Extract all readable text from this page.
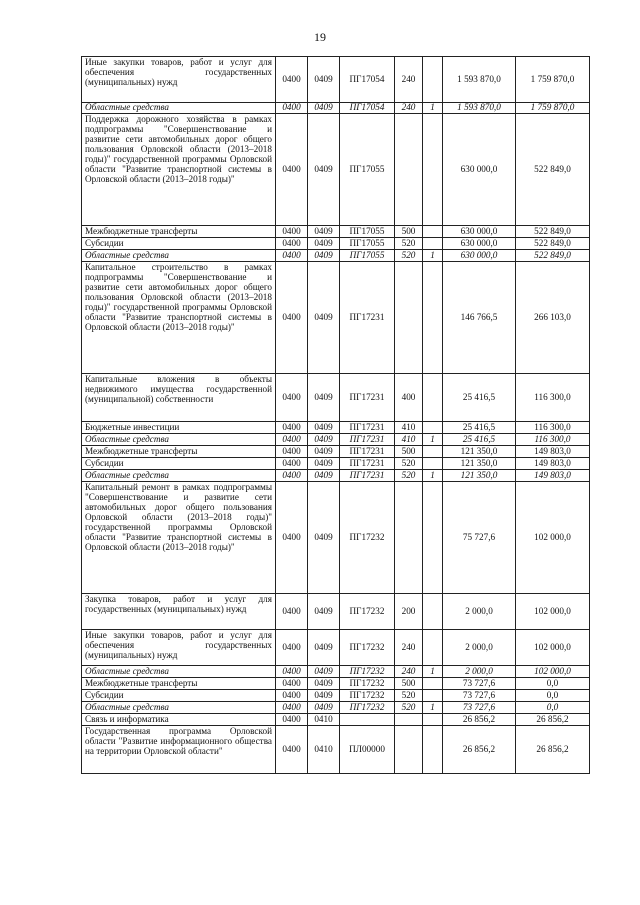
19
Иные закупки товаров, работ и услуг для обеспечения государственных (муниципальных) нужд	0400	0409	ПГ17054	240		1 593 870,0	1 759 870,0
Областные средства	0400	0409	ПГ17054	240	1	1 593 870,0	1 759 870,0
Поддержка дорожного хозяйства в рамках подпрограммы "Совершенствование и развитие сети автомобильных дорог общего пользования Орловской области (2013–2018 годы)" государственной программы Орловской области "Развитие транспортной системы в Орловской области (2013–2018 годы)"	0400	0409	ПГ17055			630 000,0	522 849,0
Межбюджетные трансферты	0400	0409	ПГ17055	500		630 000,0	522 849,0
Субсидии	0400	0409	ПГ17055	520		630 000,0	522 849,0
Областные средства	0400	0409	ПГ17055	520	1	630 000,0	522 849,0
Капитальное строительство в рамках подпрограммы "Совершенствование и развитие сети автомобильных дорог общего пользования Орловской области (2013–2018 годы)" государственной программы Орловской области "Развитие транспортной системы в Орловской области (2013–2018 годы)"	0400	0409	ПГ17231			146 766,5	266 103,0
Капитальные вложения в объекты недвижимого имущества государственной (муниципальной) собственности	0400	0409	ПГ17231	400		25 416,5	116 300,0
Бюджетные инвестиции	0400	0409	ПГ17231	410		25 416,5	116 300,0
Областные средства	0400	0409	ПГ17231	410	1	25 416,5	116 300,0
Межбюджетные трансферты	0400	0409	ПГ17231	500		121 350,0	149 803,0
Субсидии	0400	0409	ПГ17231	520		121 350,0	149 803,0
Областные средства	0400	0409	ПГ17231	520	1	121 350,0	149 803,0
Капитальный ремонт в рамках подпрограммы "Совершенствование и развитие сети автомобильных дорог общего пользования Орловской области (2013–2018 годы)" государственной программы Орловской области "Развитие транспортной системы в Орловской области (2013–2018 годы)"	0400	0409	ПГ17232			75 727,6	102 000,0
Закупка товаров, работ и услуг для государственных (муниципальных) нужд	0400	0409	ПГ17232	200		2 000,0	102 000,0
Иные закупки товаров, работ и услуг для обеспечения государственных (муниципальных) нужд	0400	0409	ПГ17232	240		2 000,0	102 000,0
Областные средства	0400	0409	ПГ17232	240	1	2 000,0	102 000,0
Межбюджетные трансферты	0400	0409	ПГ17232	500		73 727,6	0,0
Субсидии	0400	0409	ПГ17232	520		73 727,6	0,0
Областные средства	0400	0409	ПГ17232	520	1	73 727,6	0,0
Связь и информатика	0400	0410				26 856,2	26 856,2
Государственная программа Орловской области "Развитие информационного общества на территории Орловской области"	0400	0410	ПЛ00000			26 856,2	26 856,2
